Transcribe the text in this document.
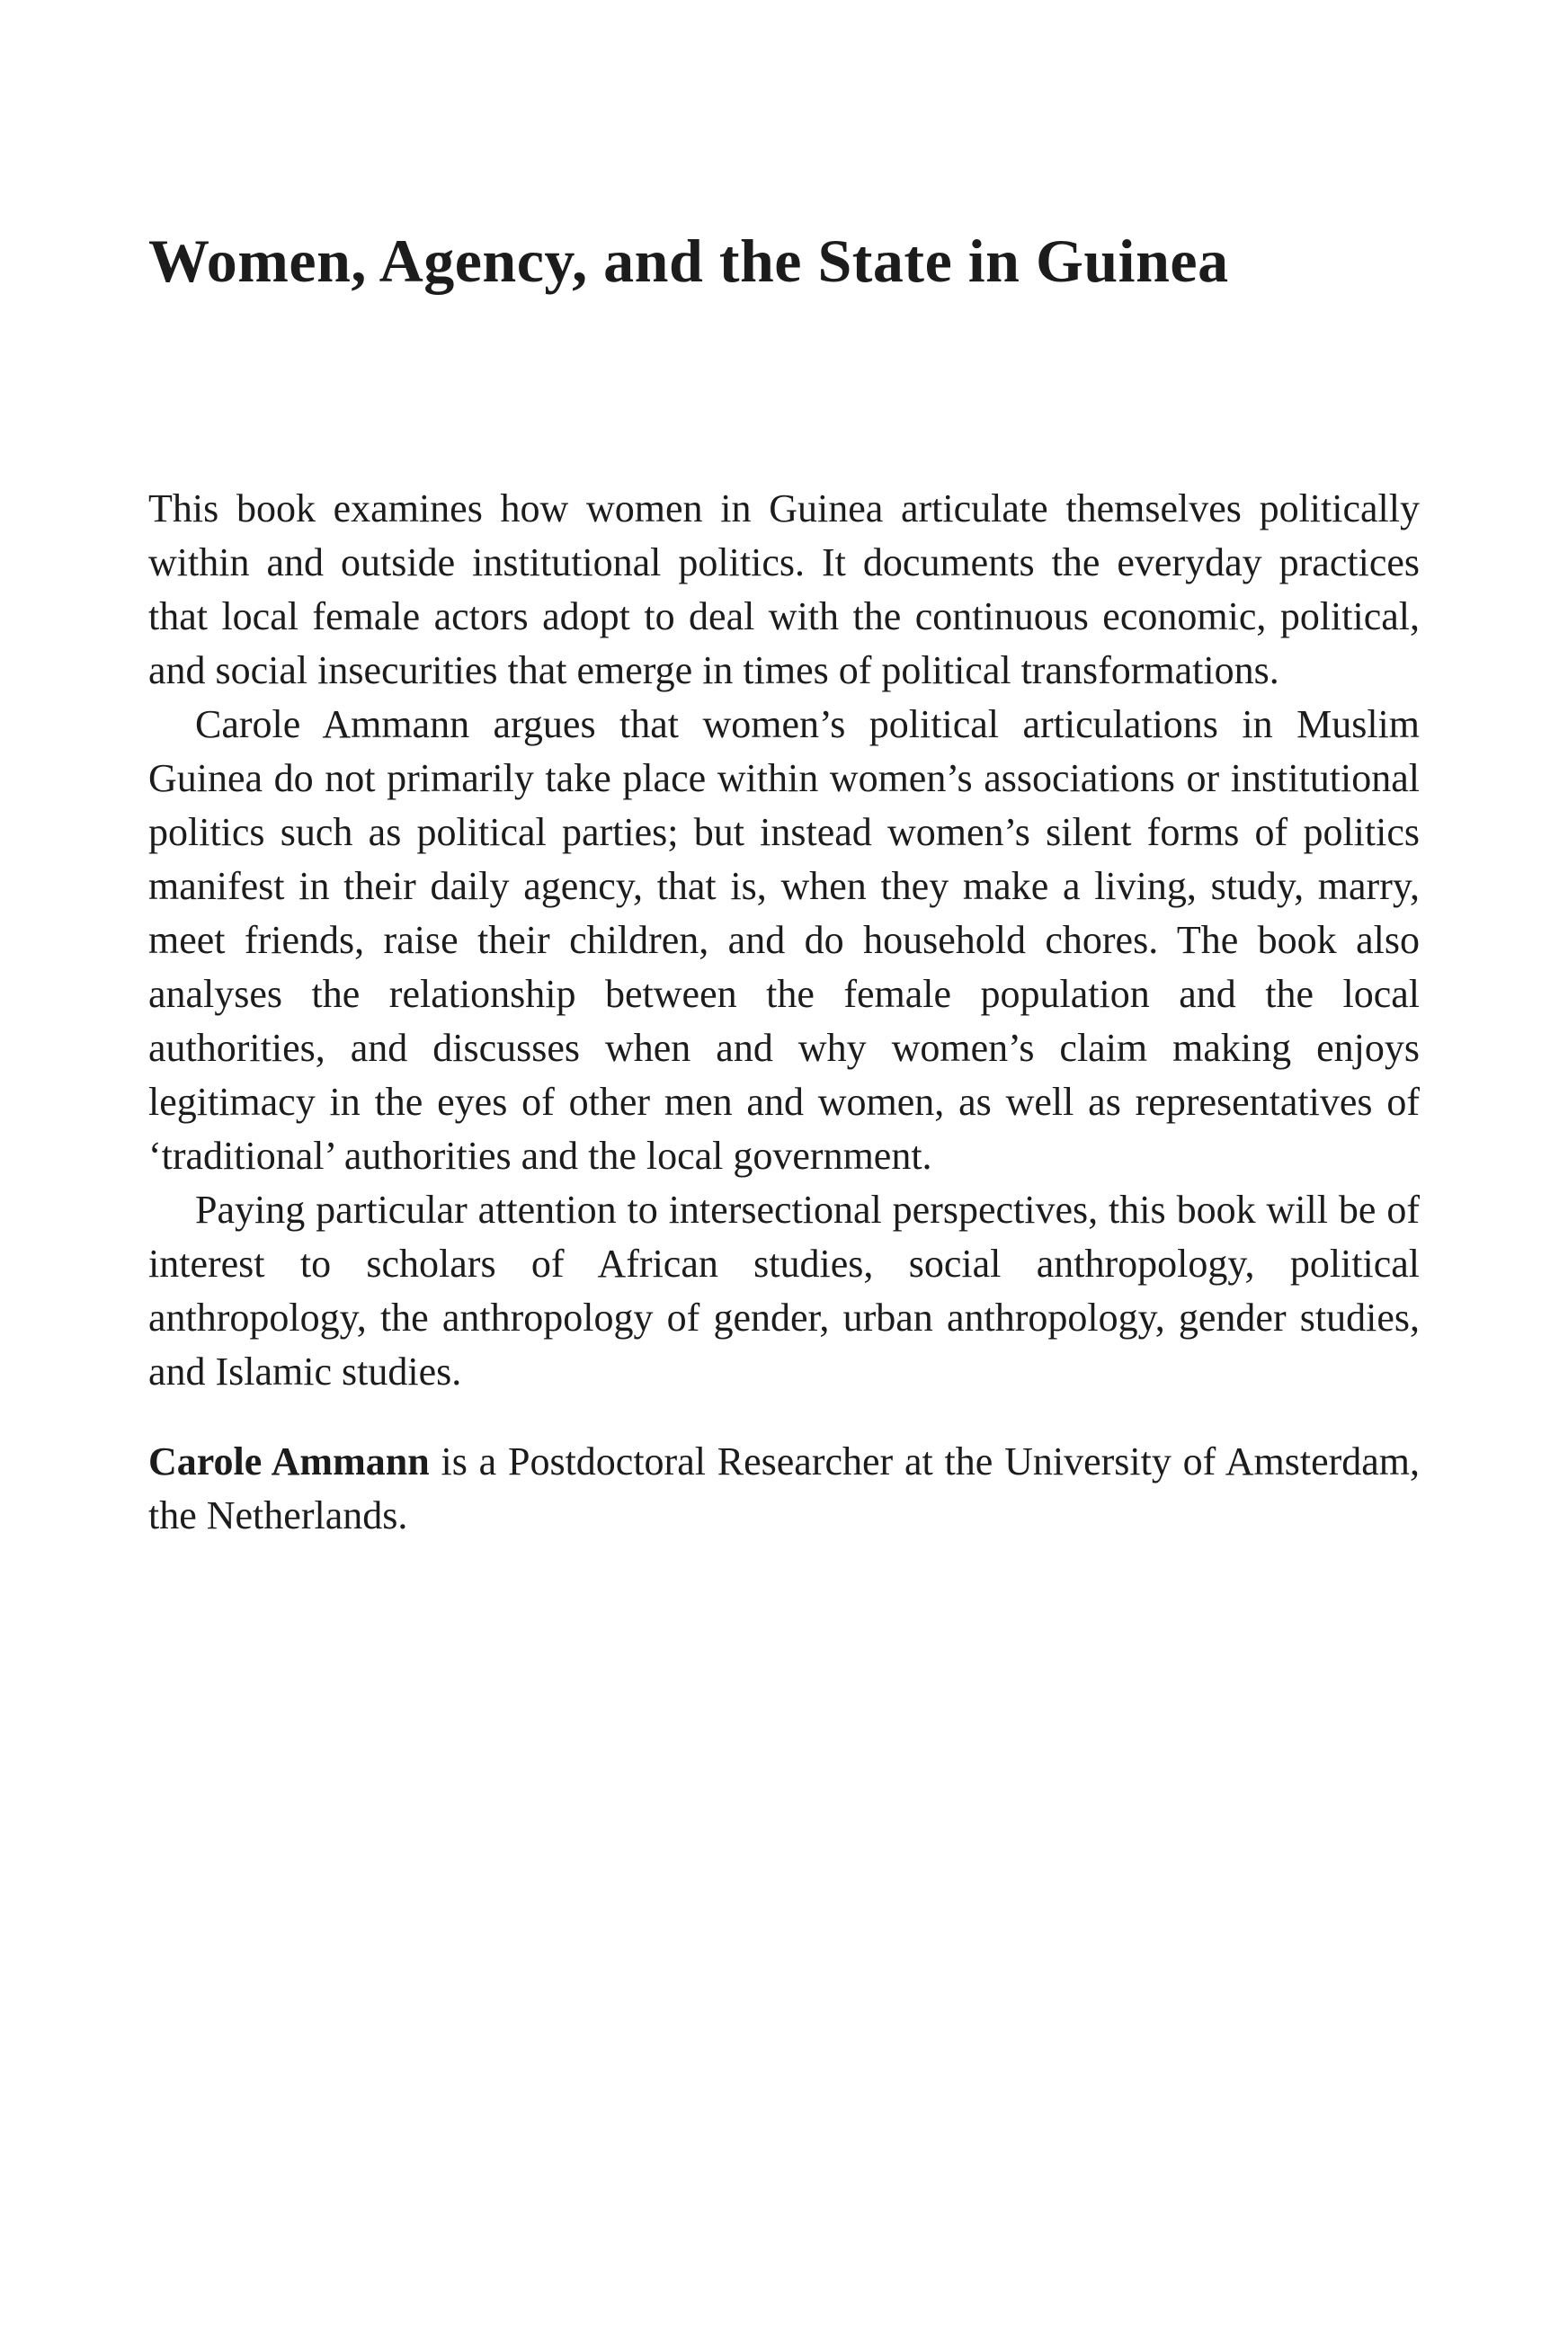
Women, Agency, and the State in Guinea

This book examines how women in Guinea articulate themselves politically within and outside institutional politics. It documents the everyday practices that local female actors adopt to deal with the continuous economic, political, and social insecurities that emerge in times of political transformations.

Carole Ammann argues that women’s political articulations in Muslim Guinea do not primarily take place within women’s associations or institutional politics such as political parties; but instead women’s silent forms of politics manifest in their daily agency, that is, when they make a living, study, marry, meet friends, raise their children, and do household chores. The book also analyses the relationship between the female population and the local authorities, and discusses when and why women’s claim making enjoys legitimacy in the eyes of other men and women, as well as representatives of ‘traditional’ authorities and the local government.

Paying particular attention to intersectional perspectives, this book will be of interest to scholars of African studies, social anthropology, political anthropology, the anthropology of gender, urban anthropology, gender studies, and Islamic studies.

Carole Ammann is a Postdoctoral Researcher at the University of Amsterdam, the Netherlands.
